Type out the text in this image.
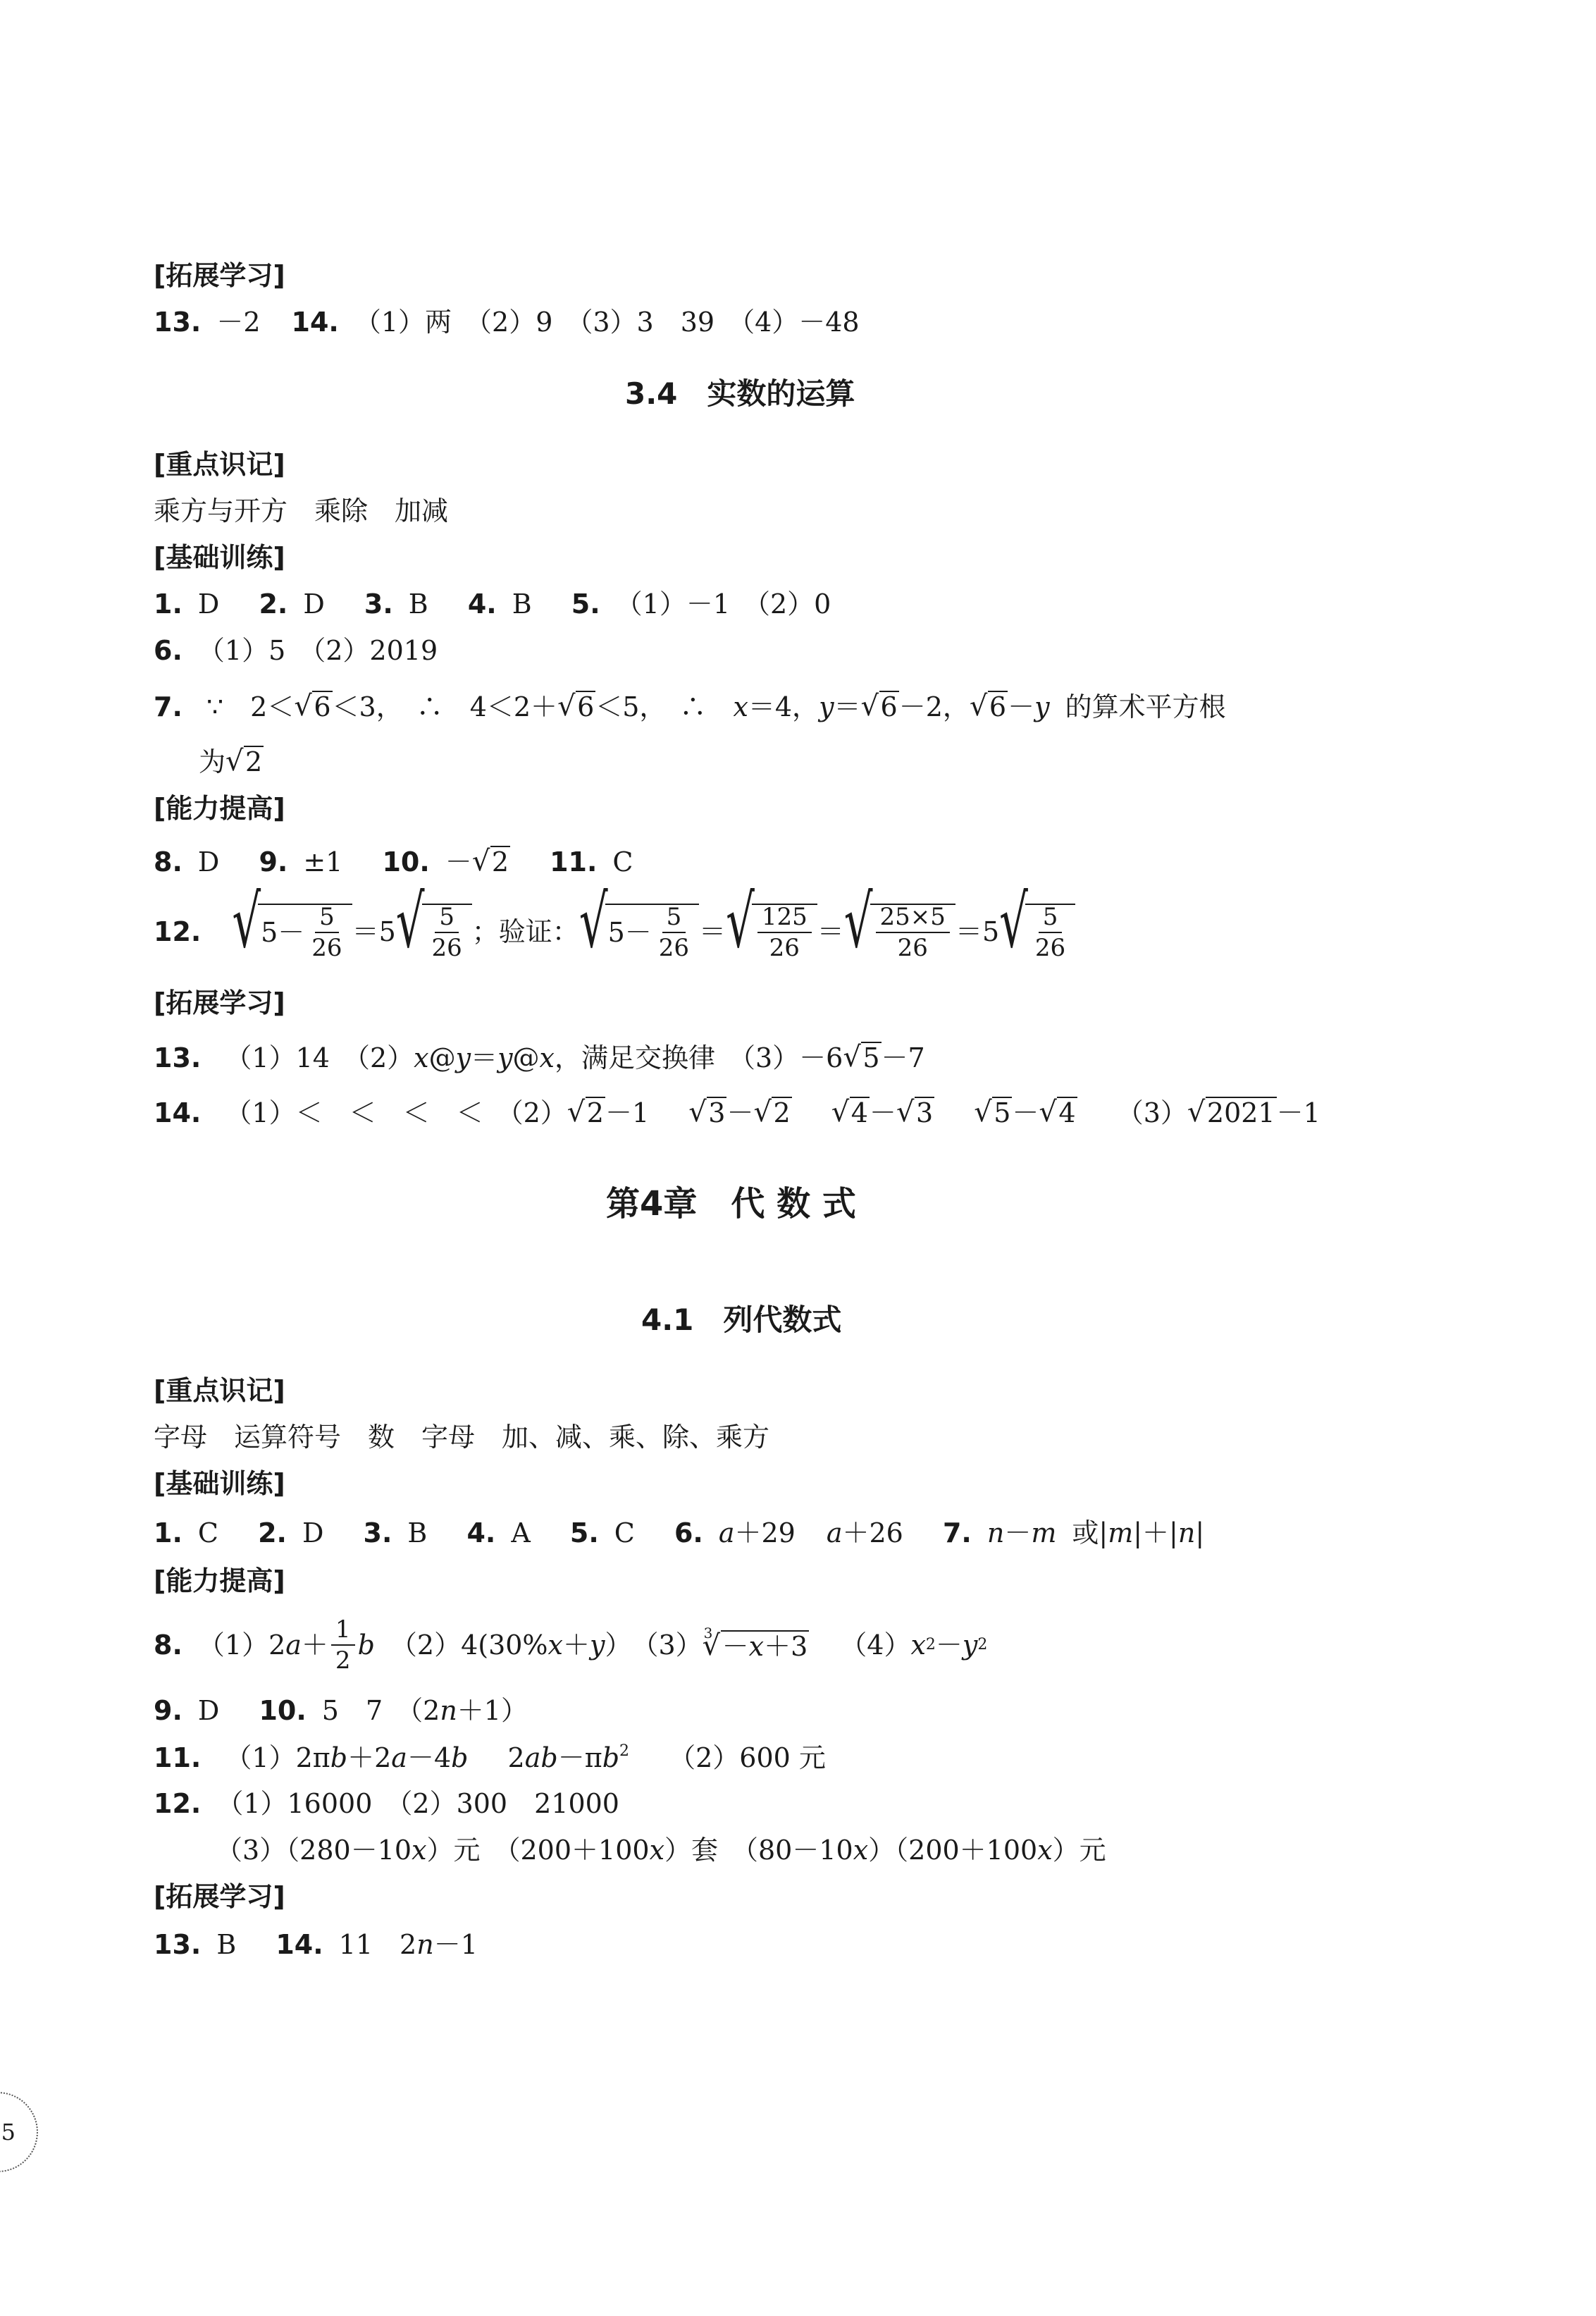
[拓展学习]
13. －2 14. （1）两　（2）9　（3）3　39　（4）－48
3.4　实数的运算
[重点识记]
乘方与开方　乘除　加减
[基础训练]
1. D 2. D 3. B 4. B 5. （1）－1　（2）0
6. （1）5　（2）2019
7. ∵　2＜ √ 6＜3，　∴　4＜2＋ √ 6＜5，　∴　x＝4，y＝ √ 6－2， √ 6－y 的算术平方根
为 √ 2
[能力提高]
8. D 9. ±1 10. － √ 2 11. C
12. √ 5－ 5
26
＝5 √ 5
26
；验证： √ 5－ 5
26
＝ √ 125
26
＝ √ 25×5
26
＝5 √ 5
26
[拓展学习]
13. （1）14　（2）x@y＝y@x，满足交换律　（3）－6 √ 5－7
14. （1）＜　＜　＜　＜　（2） √ 2－1 √ 3－ √ 2 √ 4－ √ 3 √ 5－ √ 4 （3） √ 2021－1
第4章　代 数 式
4.1　列代数式
[重点识记]
字母　运算符号　数　字母　加、减、乘、除、乘方
[基础训练]
1. C 2. D 3. B 4. A 5. C 6. a＋29 a＋26 7. n－m 或|m|＋|n|
[能力提高]
8. （1）2 a ＋ 1
2 b （2）4(30% x ＋ y ）　（3） 3 √ －x＋3 （4） x 2 － y 2
9. D 10. 5　7　（2n＋1）
11. （1）2πb＋2a－4b $2ab-\pi b^2$ （2）600 元
12. （1）16000　（2）300　21000
（3）（280－10x）元　（200＋100x）套　（80－10x）（200＋100x）元
[拓展学习]
13. B 14. 11　2n－1
5
